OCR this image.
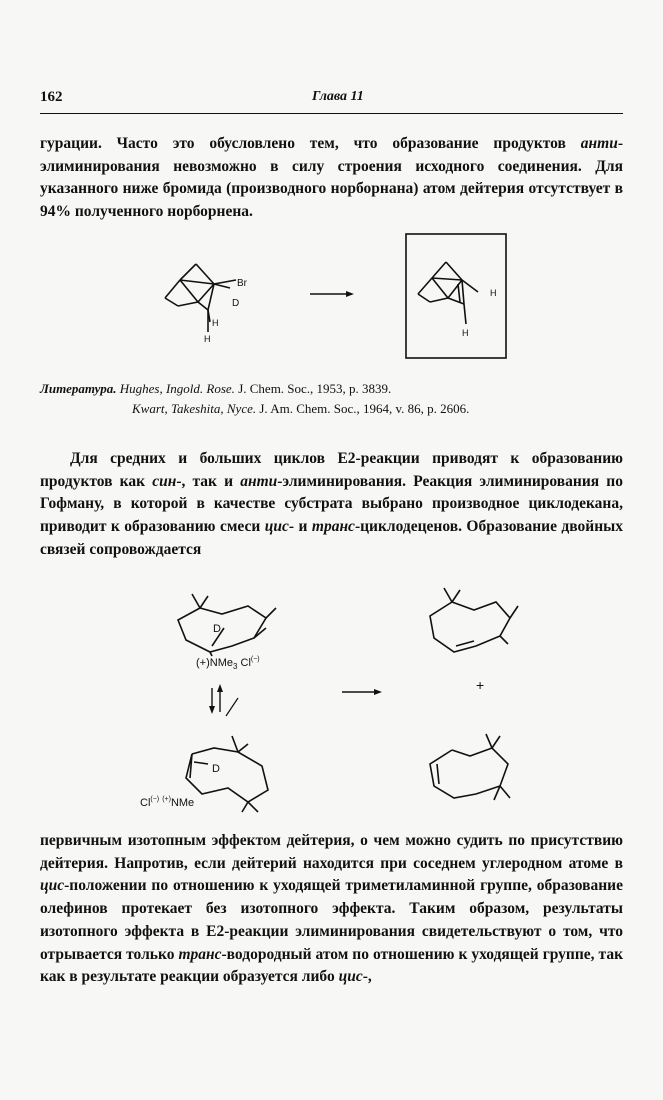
162	Глава 11
гурации. Часто это обусловлено тем, что образование продуктов анти-элиминирования невозможно в силу строения исходного соединения. Для указанного ниже бромида (производного норборнана) атом дейтерия отсутствует в 94% полученного норборнена.
Br
D
H
H
H
H
Литература. Hughes, Ingold. Rose. J. Chem. Soc., 1953, p. 3839.
Kwart, Takeshita, Nyce. J. Am. Chem. Soc., 1964, v. 86, p. 2606.
Для средних и больших циклов E2-реакции приводят к образованию продуктов как син-, так и анти-элиминирования. Реакция элиминирования по Гофману, в которой в качестве субстрата выбрано производное циклодекана, приводит к образованию смеси цис- и транс-циклодеценов. Образование двойных связей сопровождается
D
(+)NMe$_3$ Cl(−)
D
Cl(−) (+)NMe
+
первичным изотопным эффектом дейтерия, о чем можно судить по присутствию дейтерия. Напротив, если дейтерий находится при соседнем углеродном атоме в цис-положении по отношению к уходящей триметиламинной группе, образование олефинов протекает без изотопного эффекта. Таким образом, результаты изотопного эффекта в E2-реакции элиминирования свидетельствуют о том, что отрывается только транс-водородный атом по отношению к уходящей группе, так как в результате реакции образуется либо цис-,
